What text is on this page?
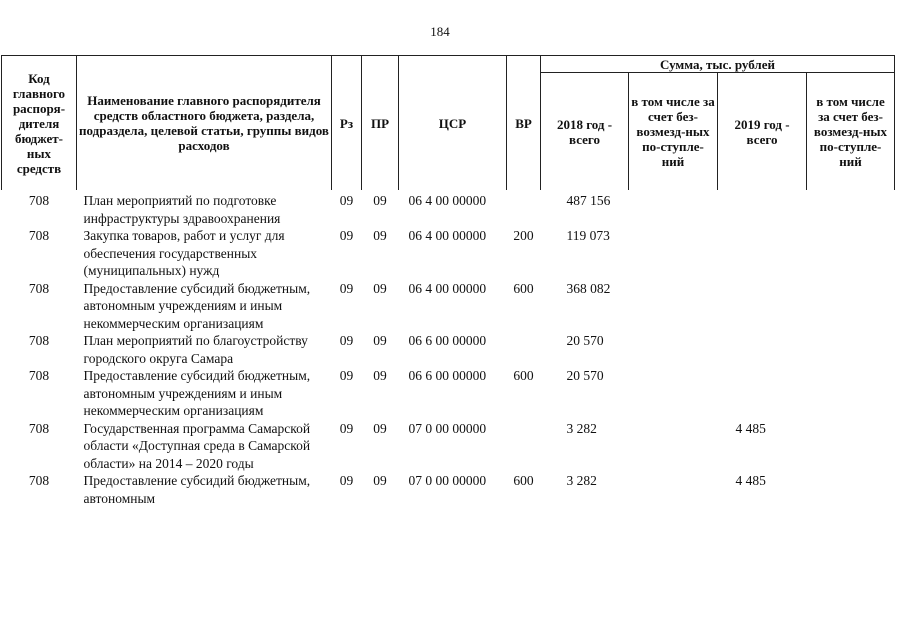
184
Код главного распоря-дителя бюджет-ных средств	Наименование главного распорядителя средств областного бюджета, раздела, подраздела, целевой статьи, группы видов расходов	Рз	ПР	ЦСР	ВР	Сумма, тыс. рублей			
						2018 год - всего	в том числе за счет без-возмезд-ных по-ступле-ний	2019 год - всего	в том числе за счет без-возмезд-ных по-ступле-ний
708	План мероприятий по подготовке инфраструктуры здравоохранения	09	09	06 4 00 00000		487 156			
708	Закупка товаров, работ и услуг для обеспечения государственных (муниципальных) нужд	09	09	06 4 00 00000	200	119 073			
708	Предоставление субсидий бюджетным, автономным учреждениям и иным некоммерческим организациям	09	09	06 4 00 00000	600	368 082			
708	План мероприятий по благоустройству городского округа Самара	09	09	06 6 00 00000		20 570			
708	Предоставление субсидий бюджетным, автономным учреждениям и иным некоммерческим организациям	09	09	06 6 00 00000	600	20 570			
708	Государственная программа Самарской области «Доступная среда в Самарской области» на 2014 – 2020 годы	09	09	07 0 00 00000		3 282		4 485	
708	Предоставление субсидий бюджетным, автономным	09	09	07 0 00 00000	600	3 282		4 485	
